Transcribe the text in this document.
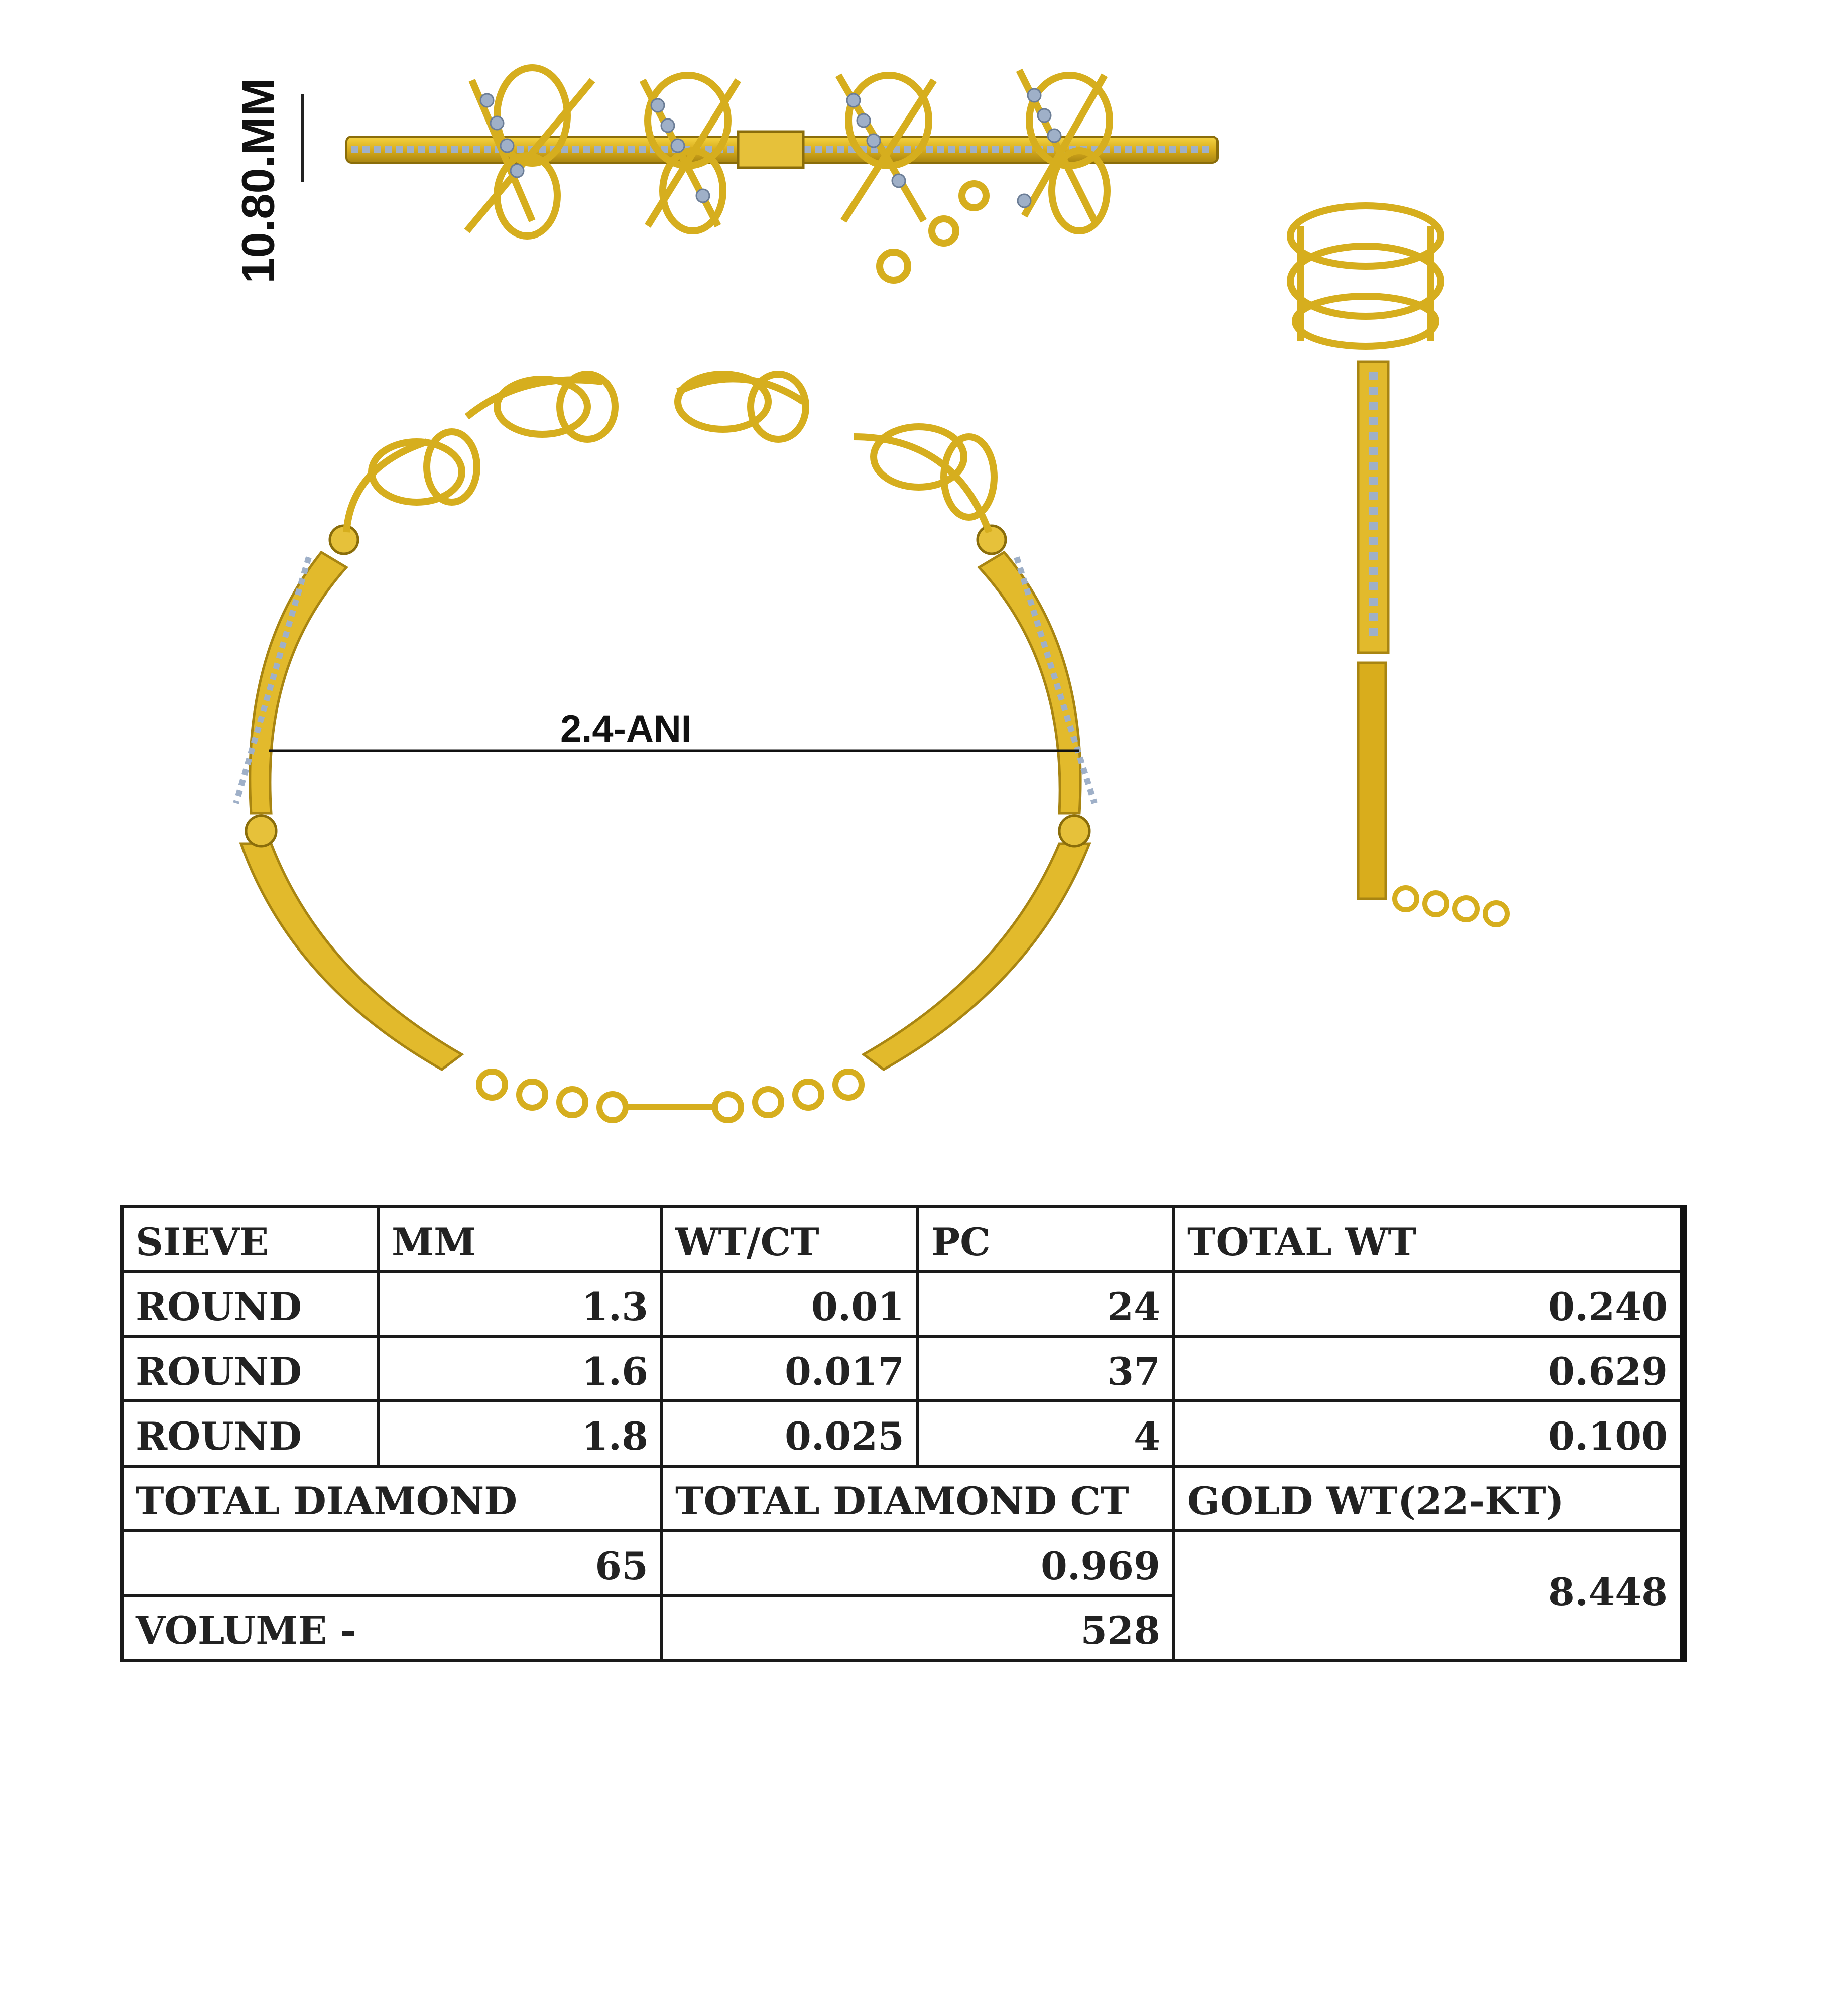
10.80.MM
2.4-ANI
SIEVE	MM	WT/CT	PC	TOTAL WT
ROUND	1.3	0.01	24	0.240
ROUND	1.6	0.017	37	0.629
ROUND	1.8	0.025	4	0.100
TOTAL DIAMOND		TOTAL DIAMOND CT		GOLD WT(22-KT)
65		0.969		8.448
VOLUME -		528		
